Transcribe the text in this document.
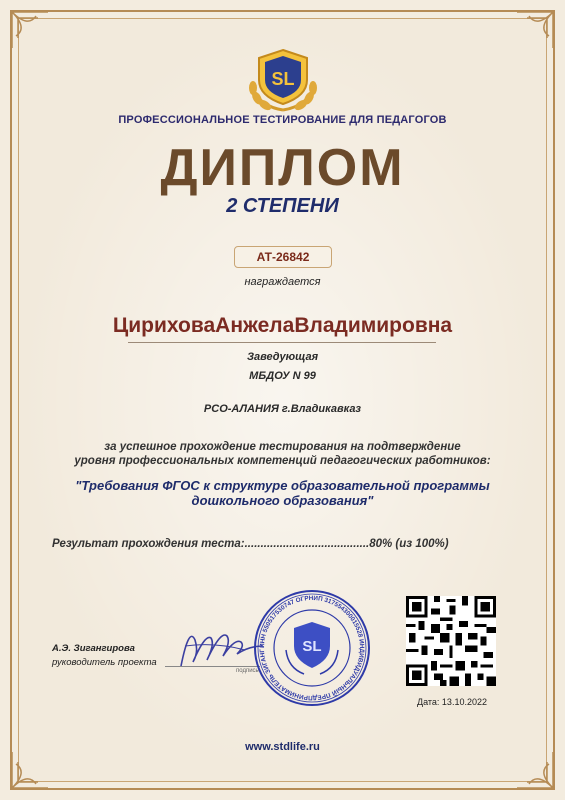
SL
ПРОФЕССИОНАЛЬНОЕ ТЕСТИРОВАНИЕ ДЛЯ ПЕДАГОГОВ
ДИПЛОМ
2 СТЕПЕНИ
АТ-26842
награждается
ЦириховаАнжелаВладимировна
Заведующая
МБДОУ N 99
РСО-АЛАНИЯ г.Владикавказ
за успешное прохождение тестирования на подтверждение
уровня профессиональных компетенций педагогических работников:
"Требования ФГОС к структуре образовательной программы
дошкольного образования"
Результат прохождения теста:.......................................80% (из 100%)
А.Э. Зигангирова
руководитель проекта
подпись
ИНН 550517530747 ОГРНИП 317554300015528 ИНДИВИДУАЛЬНЫЙ ПРЕДПРИНИМАТЕЛЬ ЗИГАНГ	SL
Дата: 13.10.2022
www.stdlife.ru
